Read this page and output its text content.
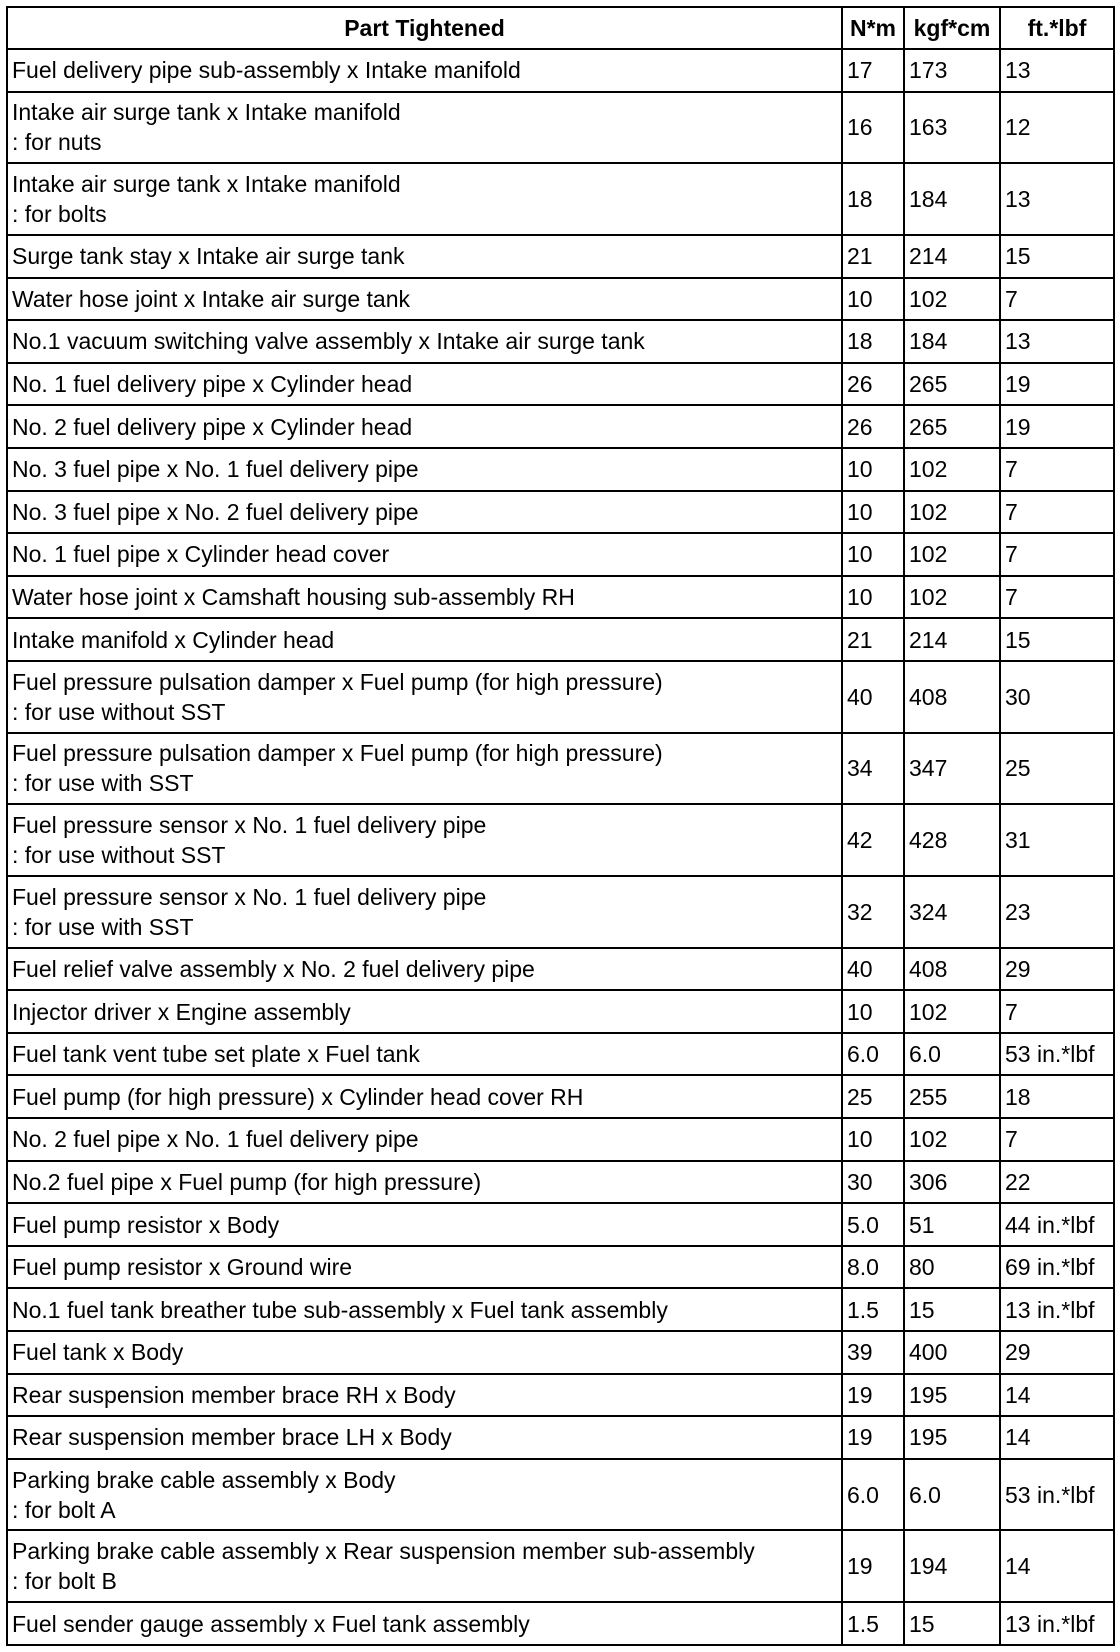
Part Tightened	N*m	kgf*cm	ft.*lbf

Fuel delivery pipe sub-assembly x Intake manifold	17	173	13

Intake air surge tank x Intake manifold
: for nuts	16	163	12

Intake air surge tank x Intake manifold
: for bolts	18	184	13

Surge tank stay x Intake air surge tank	21	214	15

Water hose joint x Intake air surge tank	10	102	7

No.1 vacuum switching valve assembly x Intake air surge tank	18	184	13

No. 1 fuel delivery pipe x Cylinder head	26	265	19

No. 2 fuel delivery pipe x Cylinder head	26	265	19

No. 3 fuel pipe x No. 1 fuel delivery pipe	10	102	7

No. 3 fuel pipe x No. 2 fuel delivery pipe	10	102	7

No. 1 fuel pipe x Cylinder head cover	10	102	7

Water hose joint x Camshaft housing sub-assembly RH	10	102	7

Intake manifold x Cylinder head	21	214	15

Fuel pressure pulsation damper x Fuel pump (for high pressure)
: for use without SST	40	408	30

Fuel pressure pulsation damper x Fuel pump (for high pressure)
: for use with SST	34	347	25

Fuel pressure sensor x No. 1 fuel delivery pipe
: for use without SST	42	428	31

Fuel pressure sensor x No. 1 fuel delivery pipe
: for use with SST	32	324	23

Fuel relief valve assembly x No. 2 fuel delivery pipe	40	408	29

Injector driver x Engine assembly	10	102	7

Fuel tank vent tube set plate x Fuel tank	6.0	6.0	53 in.*lbf

Fuel pump (for high pressure) x Cylinder head cover RH	25	255	18

No. 2 fuel pipe x No. 1 fuel delivery pipe	10	102	7

No.2 fuel pipe x Fuel pump (for high pressure)	30	306	22

Fuel pump resistor x Body	5.0	51	44 in.*lbf

Fuel pump resistor x Ground wire	8.0	80	69 in.*lbf

No.1 fuel tank breather tube sub-assembly x Fuel tank assembly	1.5	15	13 in.*lbf

Fuel tank x Body	39	400	29

Rear suspension member brace RH x Body	19	195	14

Rear suspension member brace LH x Body	19	195	14

Parking brake cable assembly x Body
: for bolt A	6.0	6.0	53 in.*lbf

Parking brake cable assembly x Rear suspension member sub-assembly
: for bolt B	19	194	14

Fuel sender gauge assembly x Fuel tank assembly	1.5	15	13 in.*lbf
